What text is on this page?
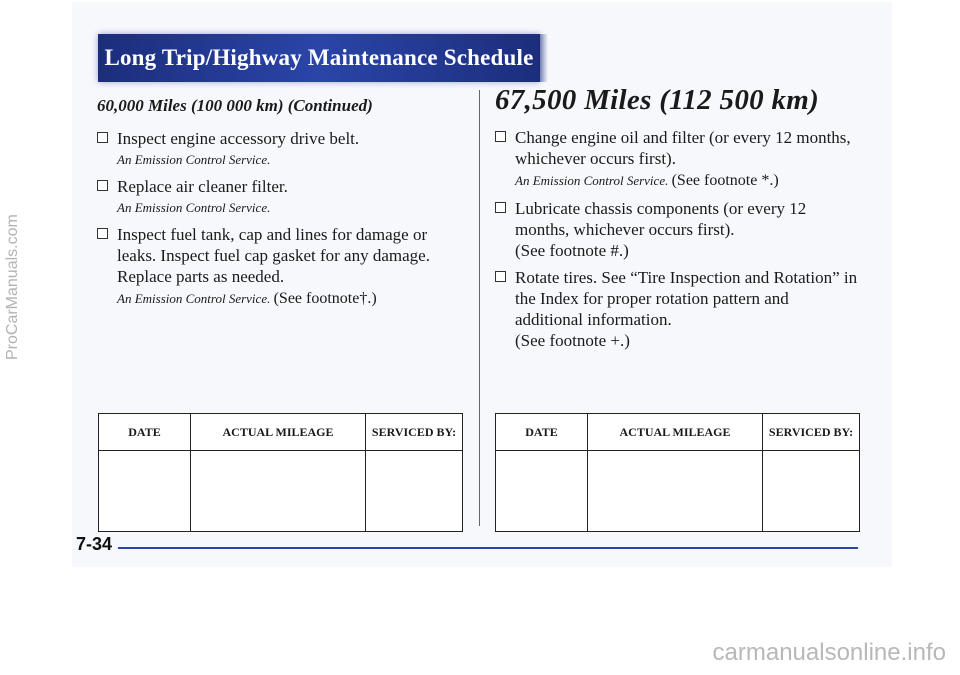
Long Trip/Highway Maintenance Schedule
60,000 Miles (100 000 km) (Continued)
Inspect engine accessory drive belt.
An Emission Control Service.
Replace air cleaner filter.
An Emission Control Service.
Inspect fuel tank, cap and lines for damage or leaks. Inspect fuel cap gasket for any damage. Replace parts as needed.
An Emission Control Service. (See footnote†.)
67,500 Miles (112 500 km)
Change engine oil and filter (or every 12 months, whichever occurs first).
An Emission Control Service. (See footnote *.)
Lubricate chassis components (or every 12 months, whichever occurs first).
(See footnote #.)
Rotate tires. See “Tire Inspection and Rotation” in the Index for proper rotation pattern and additional information.
(See footnote +.)
DATE	ACTUAL MILEAGE	SERVICED BY:
			DATE	ACTUAL MILEAGE	SERVICED BY:

7-34
ProCarManuals.com
carmanualsonline.info
